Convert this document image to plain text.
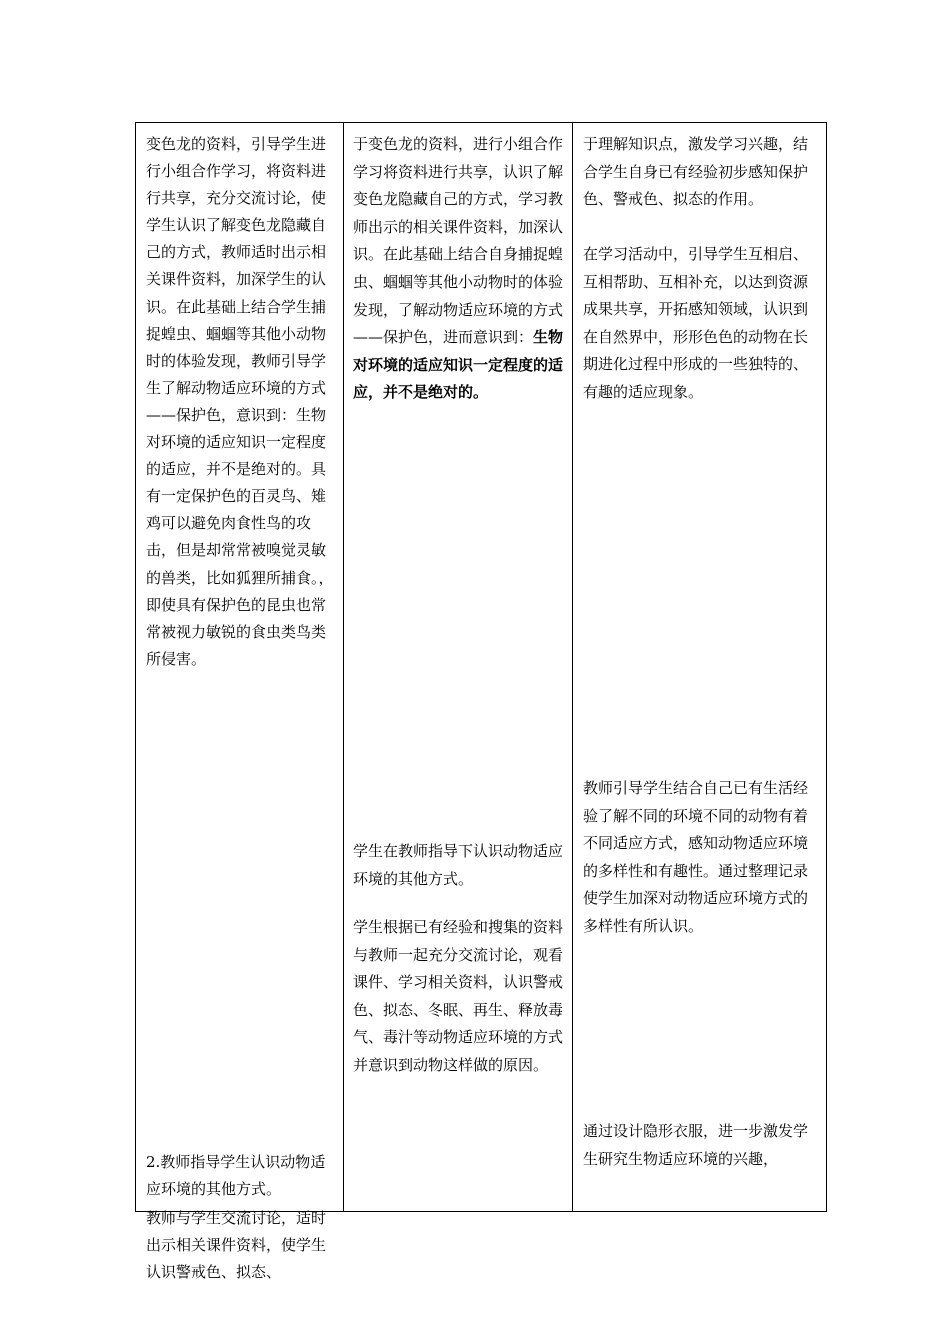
变色龙的资料，引导学生进行小组合作学习，将资料进行共享，充分交流讨论，使学生认识了解变色龙隐藏自己的方式，教师适时出示相关课件资料，加深学生的认识。在此基础上结合学生捕捉蝗虫、蝈蝈等其他小动物时的体验发现，教师引导学生了解动物适应环境的方式——保护色，意识到：生物对环境的适应知识一定程度的适应，并不是绝对的。具有一定保护色的百灵鸟、雉鸡可以避免肉食性鸟的攻击，但是却常常被嗅觉灵敏的兽类，比如狐狸所捕食。，即使具有保护色的昆虫也常常被视力敏锐的食虫类鸟类所侵害。

2.教师指导学生认识动物适应环境的其他方式。

教师与学生交流讨论，适时出示相关课件资料，使学生认识警戒色、拟态、

于变色龙的资料，进行小组合作学习将资料进行共享，认识了解变色龙隐藏自己的方式，学习教师出示的相关课件资料，加深认识。在此基础上结合自身捕捉蝗虫、蝈蝈等其他小动物时的体验发现，了解动物适应环境的方式——保护色，进而意识到：生物对环境的适应知识一定程度的适应，并不是绝对的。

学生在教师指导下认识动物适应环境的其他方式。

学生根据已有经验和搜集的资料与教师一起充分交流讨论，观看课件、学习相关资料，认识警戒色、拟态、冬眠、再生、释放毒气、毒汁等动物适应环境的方式并意识到动物这样做的原因。

于理解知识点，激发学习兴趣，结合学生自身已有经验初步感知保护色、警戒色、拟态的作用。

在学习活动中，引导学生互相启、互相帮助、互相补充，以达到资源成果共享，开拓感知领域，认识到在自然界中，形形色色的动物在长期进化过程中形成的一些独特的、有趣的适应现象。

教师引导学生结合自己已有生活经验了解不同的环境不同的动物有着不同适应方式，感知动物适应环境的多样性和有趣性。通过整理记录使学生加深对动物适应环境方式的多样性有所认识。

通过设计隐形衣服，进一步激发学生研究生物适应环境的兴趣，
